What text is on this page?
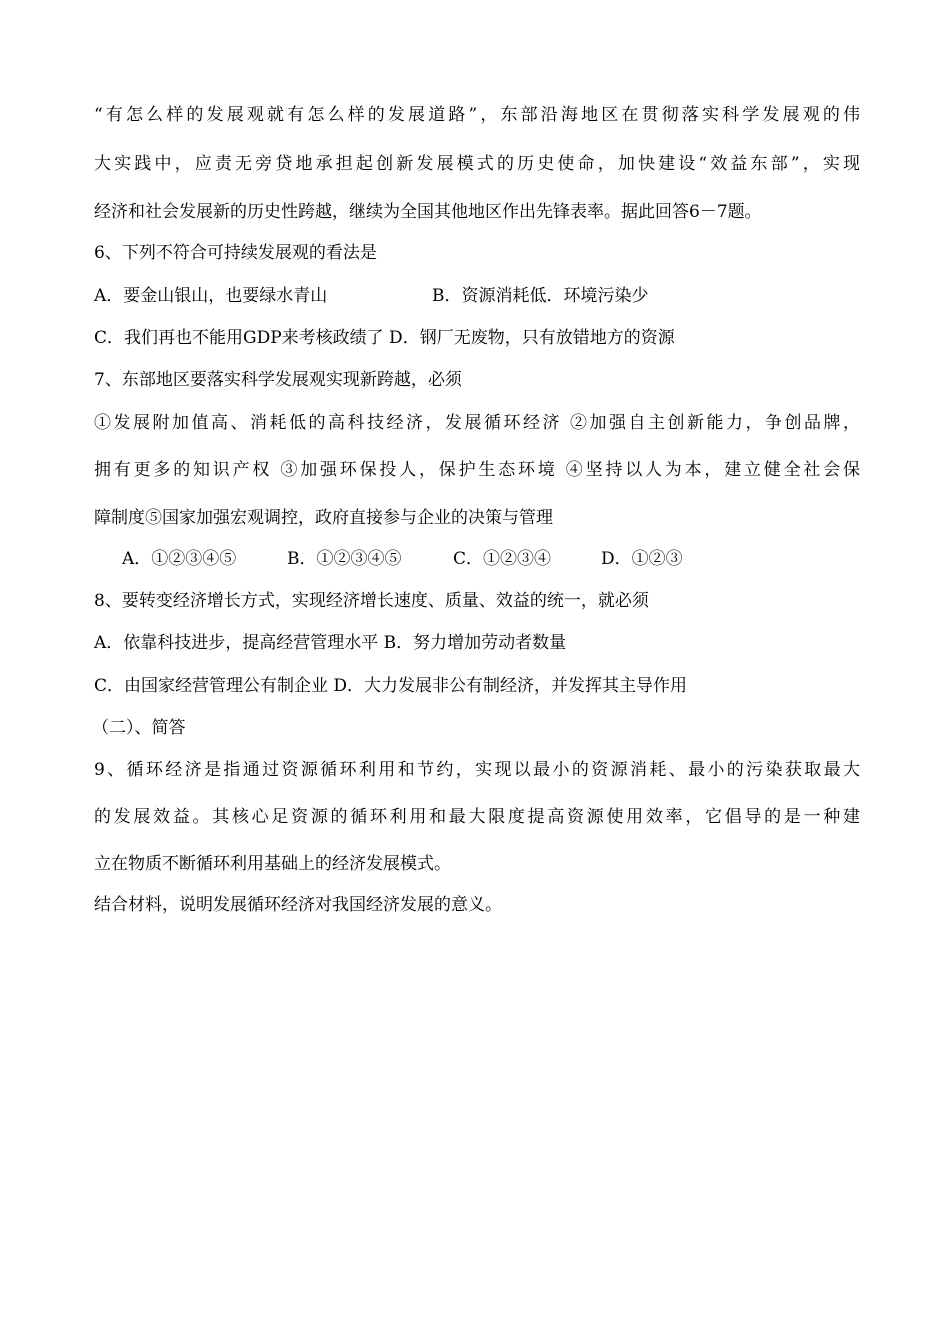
“有怎么样的发展观就有怎么样的发展道路”，东部沿海地区在贯彻落实科学发展观的伟
大实践中，应责无旁贷地承担起创新发展模式的历史使命，加快建设“效益东部”，实现
经济和社会发展新的历史性跨越，继续为全国其他地区作出先锋表率。据此回答6－7题。
6、下列不符合可持续发展观的看法是
A．要金山银山，也要绿水青山	B．资源消耗低．环境污染少
C．我们再也不能用GDP来考核政绩了 D．钢厂无废物，只有放错地方的资源
7、东部地区要落实科学发展观实现新跨越，必须
①发展附加值高、消耗低的高科技经济，发展循环经济 ②加强自主创新能力，争创品牌，
拥有更多的知识产权 ③加强环保投人，保护生态环境 ④坚持以人为本，建立健全社会保
障制度⑤国家加强宏观调控，政府直接参与企业的决策与管理
A．①②③④⑤	B．①②③④⑤	C．①②③④	D．①②③
8、要转变经济增长方式，实现经济增长速度、质量、效益的统一，就必须
A．依靠科技进步，提高经营管理水平 B．努力增加劳动者数量
C．由国家经营管理公有制企业 D．大力发展非公有制经济，并发挥其主导作用
（二）、简答
9、循环经济是指通过资源循环利用和节约，实现以最小的资源消耗、最小的污染获取最大
的发展效益。其核心足资源的循环利用和最大限度提高资源使用效率，它倡导的是一种建
立在物质不断循环利用基础上的经济发展模式。
结合材料，说明发展循环经济对我国经济发展的意义。
